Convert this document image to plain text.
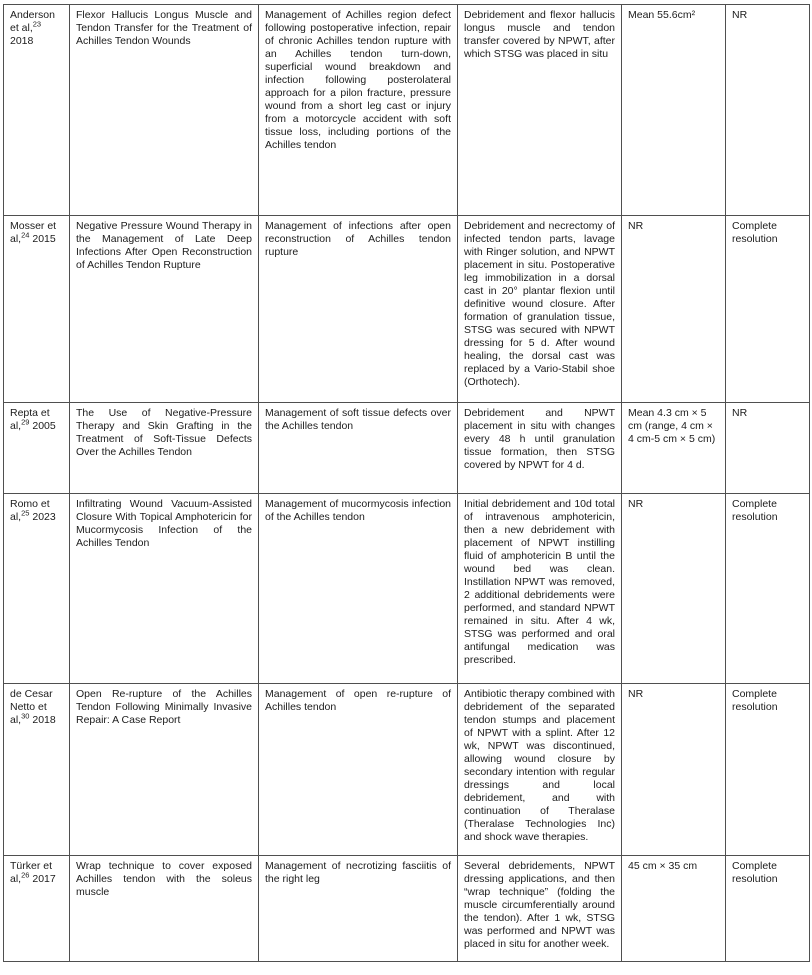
Anderson et al,$^{23}$ 2018	Flexor Hallucis Longus Muscle and Tendon Transfer for the Treatment of Achilles Tendon Wounds	Management of Achilles region defect following postoperative infection, repair of chronic Achilles tendon rupture with an Achilles tendon turn-down, superficial wound breakdown and infection following posterolateral approach for a pilon fracture, pressure wound from a short leg cast or injury from a motorcycle accident with soft tissue loss, including portions of the Achilles tendon	Debridement and flexor hallucis longus muscle and tendon transfer covered by NPWT, after which STSG was placed in situ	Mean 55.6cm²	NR
Mosser et al,$^{24}$ 2015	Negative Pressure Wound Therapy in the Management of Late Deep Infections After Open Reconstruction of Achilles Tendon Rupture	Management of infections after open reconstruction of Achilles tendon rupture	Debridement and necrectomy of infected tendon parts, lavage with Ringer solution, and NPWT placement in situ. Postoperative leg immobilization in a dorsal cast in 20° plantar flexion until definitive wound closure. After formation of granulation tissue, STSG was secured with NPWT dressing for 5 d. After wound healing, the dorsal cast was replaced by a Vario-Stabil shoe (Orthotech).	NR	Complete resolution
Repta et al,$^{29}$ 2005	The Use of Negative-Pressure Therapy and Skin Grafting in the Treatment of Soft-Tissue Defects Over the Achilles Tendon	Management of soft tissue defects over the Achilles tendon	Debridement and NPWT placement in situ with changes every 48 h until granulation tissue formation, then STSG covered by NPWT for 4 d.	Mean 4.3 cm × 5 cm (range, 4 cm × 4 cm-5 cm × 5 cm)	NR
Romo et al,$^{25}$ 2023	Infiltrating Wound Vacuum-Assisted Closure With Topical Amphotericin for Mucormycosis Infection of the Achilles Tendon	Management of mucormycosis infection of the Achilles tendon	Initial debridement and 10d total of intravenous amphotericin, then a new debridement with placement of NPWT instilling fluid of amphotericin B until the wound bed was clean. Instillation NPWT was removed, 2 additional debridements were performed, and standard NPWT remained in situ. After 4 wk, STSG was performed and oral antifungal medication was prescribed.	NR	Complete resolution
de Cesar Netto et al,$^{30}$ 2018	Open Re-rupture of the Achilles Tendon Following Minimally Invasive Repair: A Case Report	Management of open re-rupture of Achilles tendon	Antibiotic therapy combined with debridement of the separated tendon stumps and placement of NPWT with a splint. After 12 wk, NPWT was discontinued, allowing wound closure by secondary intention with regular dressings and local debridement, and with continuation of Theralase (Theralase Technologies Inc) and shock wave therapies.	NR	Complete resolution
Türker et al,$^{26}$ 2017	Wrap technique to cover exposed Achilles tendon with the soleus muscle	Management of necrotizing fasciitis of the right leg	Several debridements, NPWT dressing applications, and then “wrap technique” (folding the muscle circumferentially around the tendon). After 1 wk, STSG was performed and NPWT was placed in situ for another week.	45 cm × 35 cm	Complete resolution
